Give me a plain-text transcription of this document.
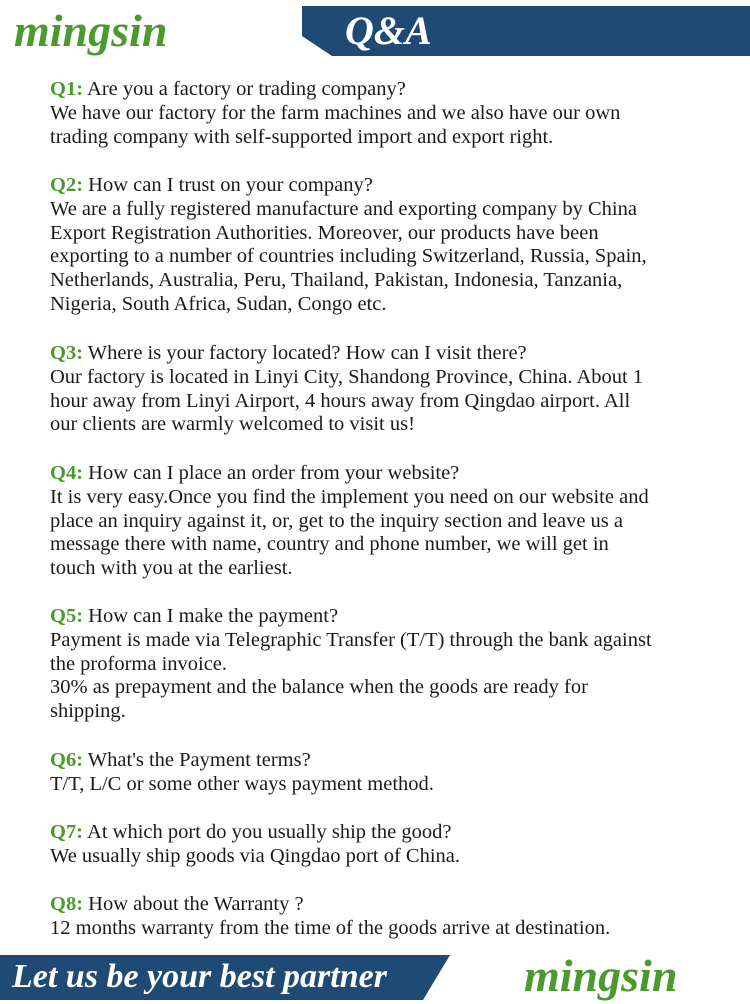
mingsin	Q&A
Q1: Are you a factory or trading company?
We have our factory for the farm machines and we also have our own
trading company with self-supported import and export right.
Q2: How can I trust on your company?
We are a fully registered manufacture and exporting company by China
Export Registration Authorities. Moreover, our products have been
exporting to a number of countries including Switzerland, Russia, Spain,
Netherlands, Australia, Peru, Thailand, Pakistan, Indonesia, Tanzania,
Nigeria, South Africa, Sudan, Congo etc.
Q3: Where is your factory located? How can I visit there?
Our factory is located in Linyi City, Shandong Province, China. About 1
hour away from Linyi Airport, 4 hours away from Qingdao airport. All
our clients are warmly welcomed to visit us!
Q4: How can I place an order from your website?
It is very easy.Once you find the implement you need on our website and
place an inquiry against it, or, get to the inquiry section and leave us a
message there with name, country and phone number, we will get in
touch with you at the earliest.
Q5: How can I make the payment?
Payment is made via Telegraphic Transfer (T/T) through the bank against
the proforma invoice.
30% as prepayment and the balance when the goods are ready for
shipping.
Q6: What's the Payment terms?
T/T, L/C or some other ways payment method.
Q7: At which port do you usually ship the good?
We usually ship goods via Qingdao port of China.
Q8: How about the Warranty ?
12 months warranty from the time of the goods arrive at destination.
Let us be your best partner	mingsin
